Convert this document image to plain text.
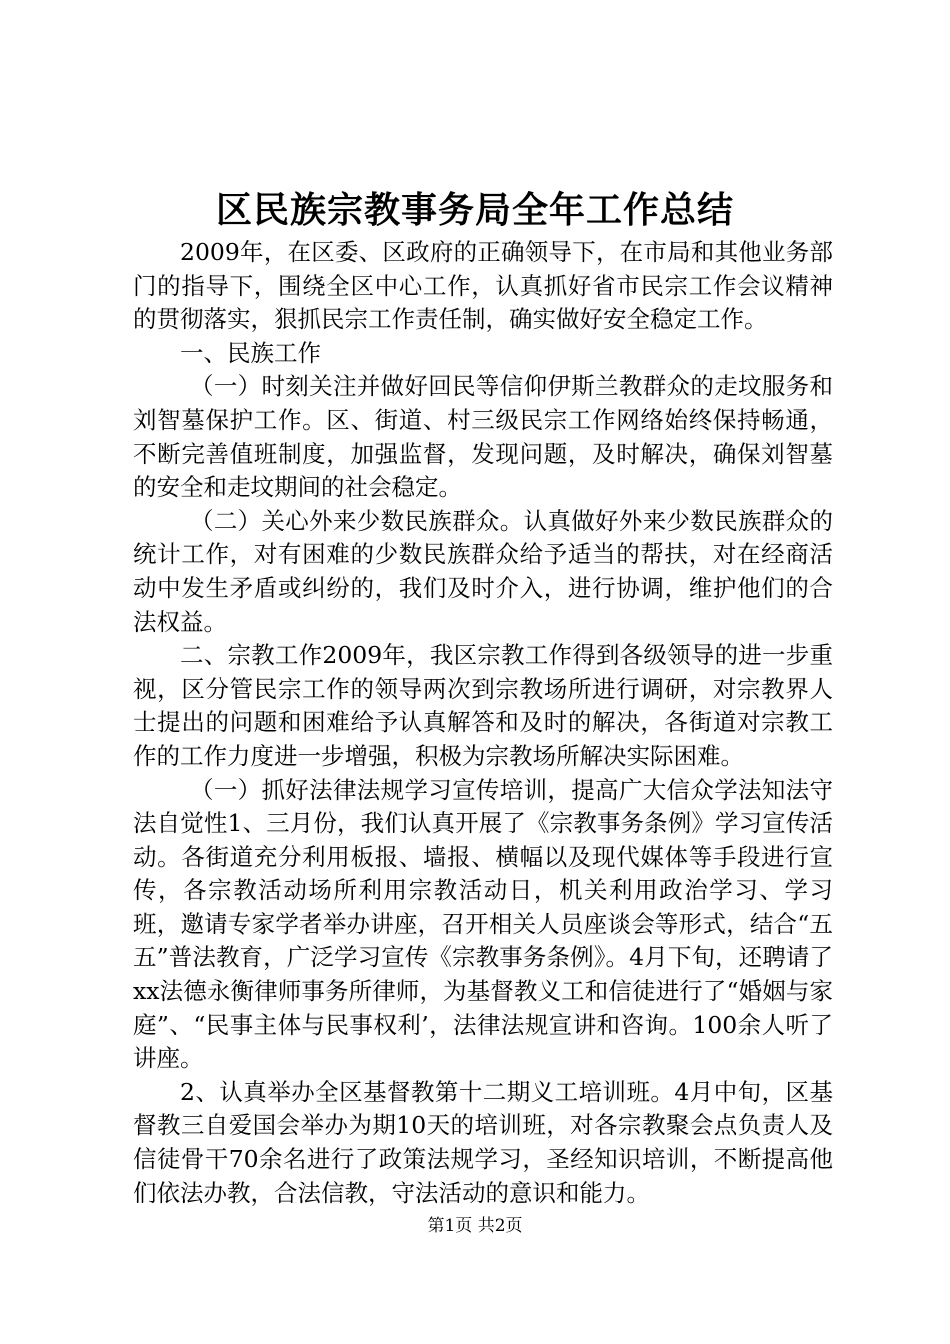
区民族宗教事务局全年工作总结

2009年，在区委、区政府的正确领导下，在市局和其他业务部门的指导下，围绕全区中心工作，认真抓好省市民宗工作会议精神的贯彻落实，狠抓民宗工作责任制，确实做好安全稳定工作。

一、民族工作

（一）时刻关注并做好回民等信仰伊斯兰教群众的走坟服务和刘智墓保护工作。区、街道、村三级民宗工作网络始终保持畅通，不断完善值班制度，加强监督，发现问题，及时解决，确保刘智墓的安全和走坟期间的社会稳定。

（二）关心外来少数民族群众。认真做好外来少数民族群众的统计工作，对有困难的少数民族群众给予适当的帮扶，对在经商活动中发生矛盾或纠纷的，我们及时介入，进行协调，维护他们的合法权益。

二、宗教工作2009年，我区宗教工作得到各级领导的进一步重视，区分管民宗工作的领导两次到宗教场所进行调研，对宗教界人士提出的问题和困难给予认真解答和及时的解决，各街道对宗教工作的工作力度进一步增强，积极为宗教场所解决实际困难。

（一）抓好法律法规学习宣传培训，提高广大信众学法知法守法自觉性1、三月份，我们认真开展了《宗教事务条例》学习宣传活动。各街道充分利用板报、墙报、横幅以及现代媒体等手段进行宣传，各宗教活动场所利用宗教活动日，机关利用政治学习、学习班，邀请专家学者举办讲座，召开相关人员座谈会等形式，结合“五五”普法教育，广泛学习宣传《宗教事务条例》。4月下旬，还聘请了xx法德永衡律师事务所律师，为基督教义工和信徒进行了“婚姻与家庭”、“民事主体与民事权利’，法律法规宣讲和咨询。100余人听了讲座。

2、认真举办全区基督教第十二期义工培训班。4月中旬，区基督教三自爱国会举办为期10天的培训班，对各宗教聚会点负责人及信徒骨干70余名进行了政策法规学习，圣经知识培训，不断提高他们依法办教，合法信教，守法活动的意识和能力。

第1页 共2页
